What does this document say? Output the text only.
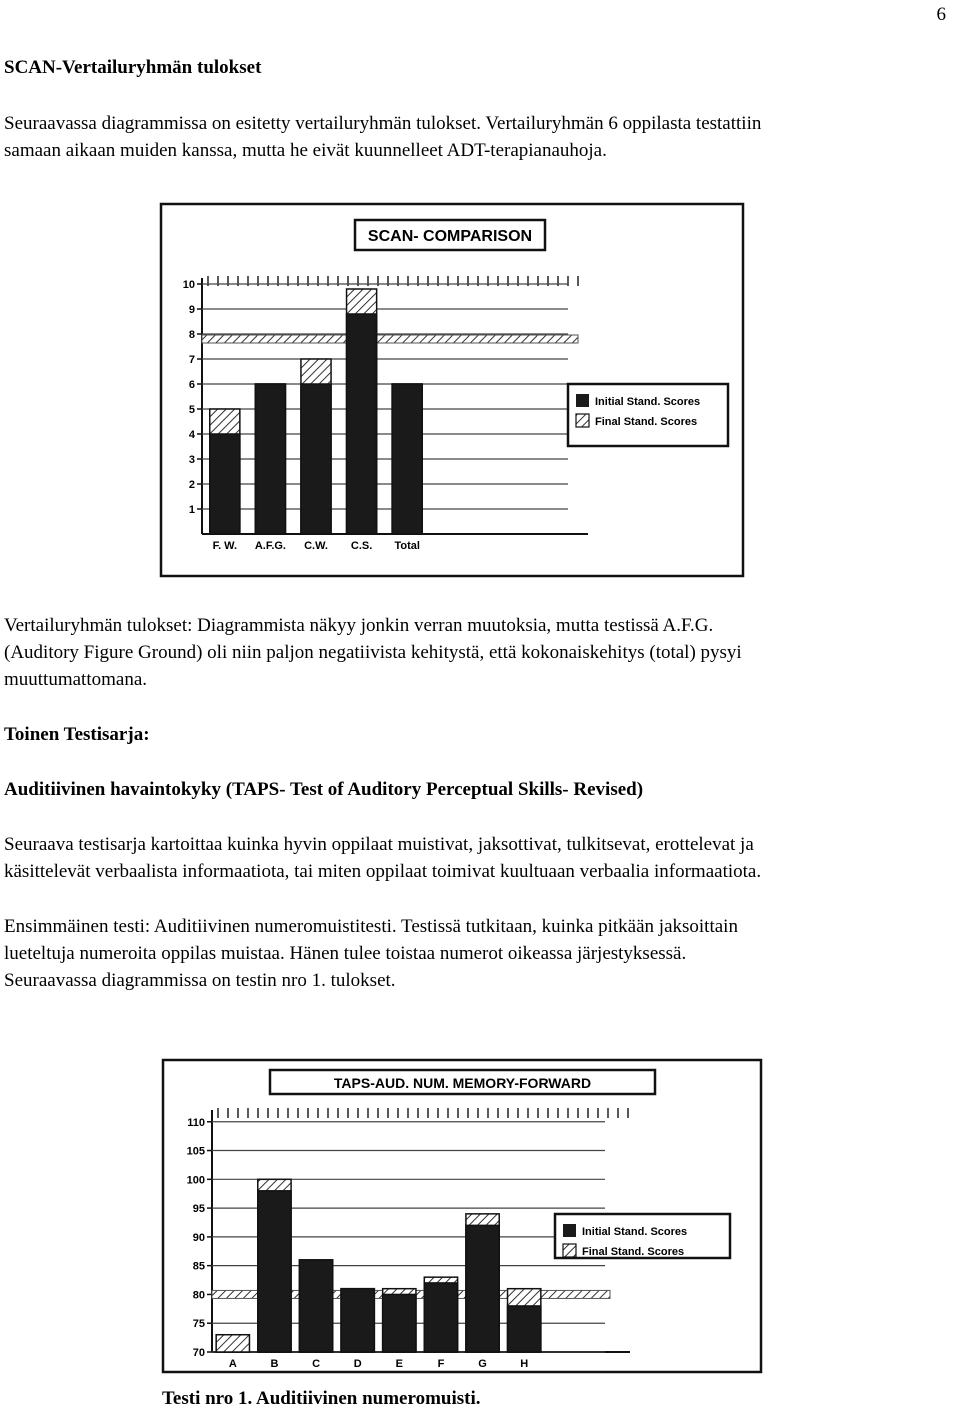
6
SCAN-Vertailuryhmän tulokset
Seuraavassa diagrammissa on esitetty vertailuryhmän tulokset. Vertailuryhmän 6 oppilasta testattiin
samaan aikaan muiden kanssa, mutta he eivät kuunnelleet ADT-terapianauhoja.
SCAN- COMPARISON
1
2
3
4
5
6
7
8
9
10
F. W. A.F.G. C.W. C.S. Total
Initial Stand. Scores
Final Stand. Scores
Vertailuryhmän tulokset: Diagrammista näkyy jonkin verran muutoksia, mutta testissä A.F.G.
(Auditory Figure Ground) oli niin paljon negatiivista kehitystä, että kokonaiskehitys (total) pysyi
muuttumattomana.
Toinen Testisarja:
Auditiivinen havaintokyky (TAPS- Test of Auditory Perceptual Skills- Revised)
Seuraava testisarja kartoittaa kuinka hyvin oppilaat muistivat, jaksottivat, tulkitsevat, erottelevat ja
käsittelevät verbaalista informaatiota, tai miten oppilaat toimivat kuultuaan verbaalia informaatiota.
Ensimmäinen testi: Auditiivinen numeromuistitesti. Testissä tutkitaan, kuinka pitkään jaksoittain
lueteltuja numeroita oppilas muistaa. Hänen tulee toistaa numerot oikeassa järjestyksessä.
Seuraavassa diagrammissa on testin nro 1. tulokset.
TAPS-AUD. NUM. MEMORY-FORWARD
70
75
80
85
90
95
100
105
110
A	B	C	D	E	F	G	H
Initial Stand. Scores
Final Stand. Scores
Testi nro 1. Auditiivinen numeromuisti.
